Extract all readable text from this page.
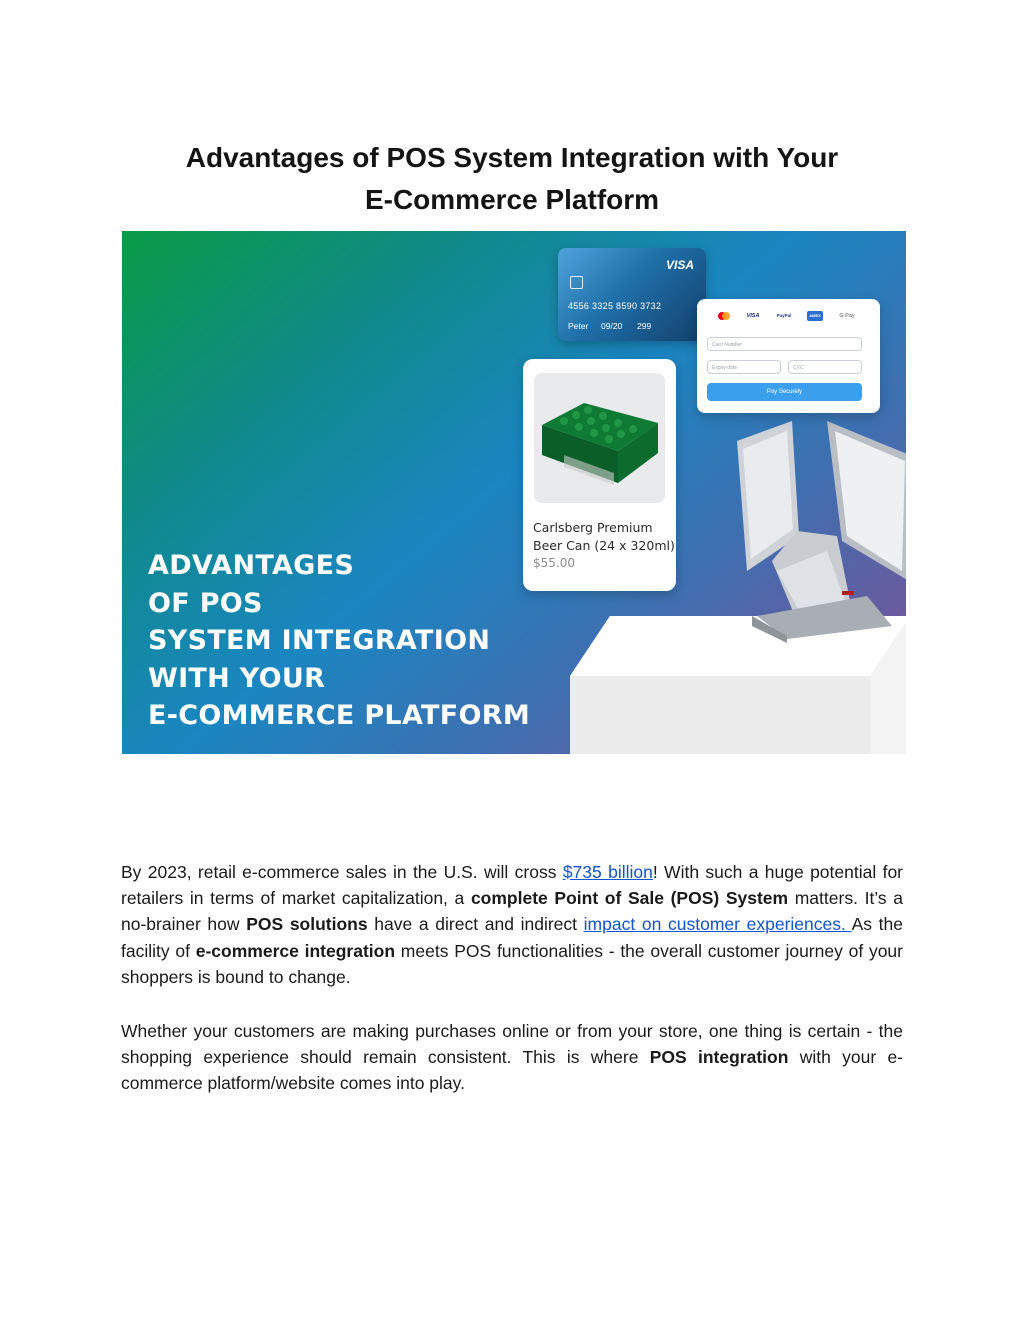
Advantages of POS System Integration with Your
E-Commerce Platform
VISA
4556 3325 8590 3732
Peter 09/20 299
VISA	PayPal	AMEX	G Pay
Card Number
Expiry date	CVC
Pay Securely
Carlsberg Premium
Beer Can (24 x 320ml)
$55.00
ADVANTAGES
OF POS
SYSTEM INTEGRATION
WITH YOUR
E-COMMERCE PLATFORM

By 2023, retail e-commerce sales in the U.S. will cross $735 billion! With such a huge potential for retailers in terms of market capitalization, a complete Point of Sale (POS) System matters. It’s a no-brainer how POS solutions have a direct and indirect impact on customer experiences. As the facility of e-commerce integration meets POS functionalities - the overall customer journey of your shoppers is bound to change.

Whether your customers are making purchases online or from your store, one thing is certain - the shopping experience should remain consistent. This is where POS integration with your e-commerce platform/website comes into play.
